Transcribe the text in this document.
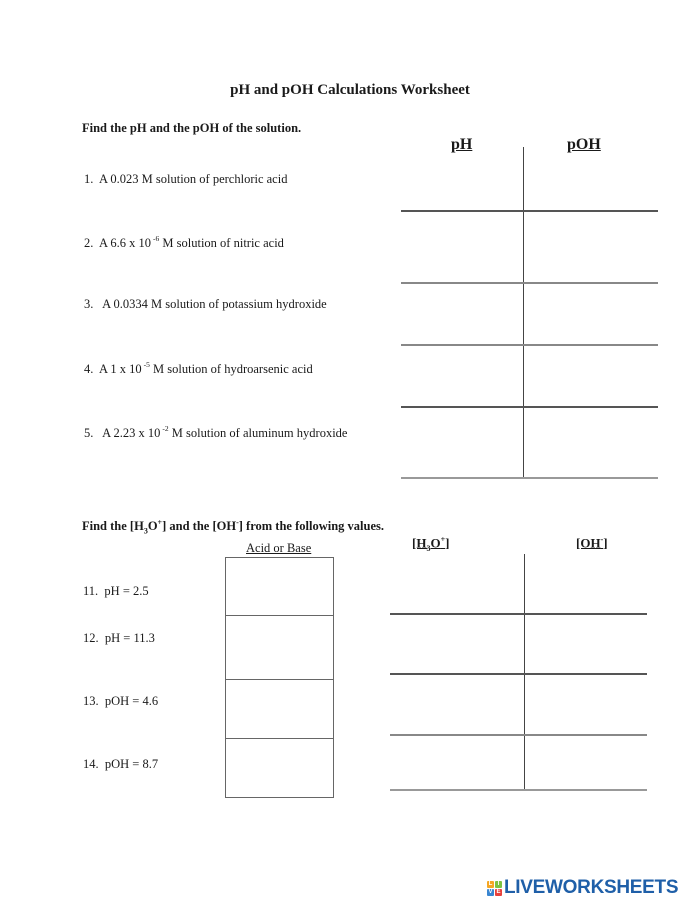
pH and pOH Calculations Worksheet
Find the pH and the pOH of the solution.
pH	pOH
1. A 0.023 M solution of perchloric acid
2. A 6.6 x 10 $^{-6}$ M solution of nitric acid
3. A 0.0334 M solution of potassium hydroxide
4. A 1 x 10 $^{-5}$ M solution of hydroarsenic acid
5. A 2.23 x 10 $^{-2}$ M solution of aluminum hydroxide
Find the $[H_3O^+]$ and the [OH-] from the following values.
Acid or Base	$[H_3O^+]$	[OH-]
11. pH = 2.5
12. pH = 11.3
13. pOH = 4.6
14. pOH = 8.7
L I
V E LIVEWORKSHEETS
